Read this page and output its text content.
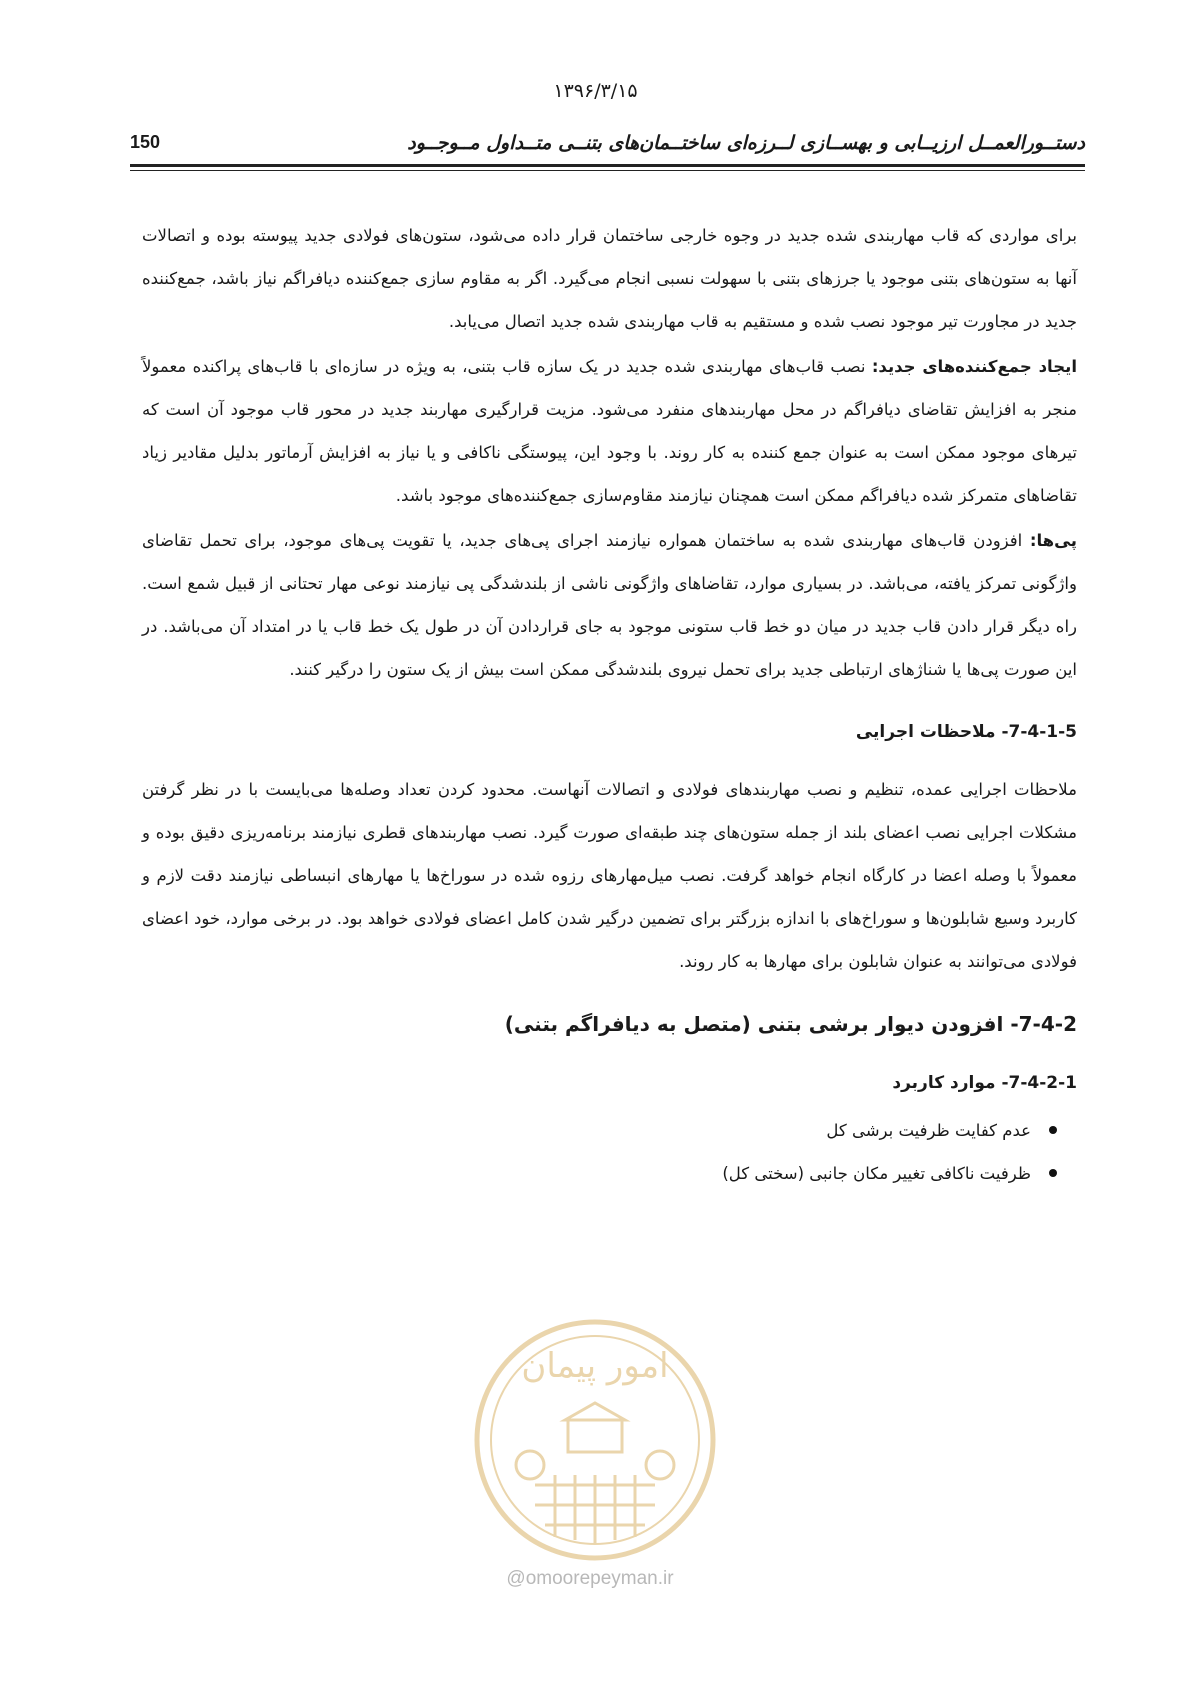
۱۳۹۶/۳/۱۵
دستــورالعمــل ارزیــابی و بهســازی لــرزه‌ای ساختــمان‌های بتنــی متــداول مــوجــود
150

برای مواردی که قاب مهاربندی شده جدید در وجوه خارجی ساختمان قرار داده می‌شود، ستون‌های فولادی جدید پیوسته بوده و اتصالات آنها به ستون‌های بتنی موجود یا جرزهای بتنی با سهولت نسبی انجام می‌گیرد. اگر به مقاوم سازی جمع‌کننده دیافراگم نیاز باشد، جمع‌کننده جدید در مجاورت تیر موجود نصب شده و مستقیم به قاب مهاربندی شده جدید اتصال می‌یابد.

ایجاد جمع‌کننده‌های جدید: نصب قاب‌های مهاربندی شده جدید در یک سازه قاب بتنی، به ویژه در سازه‌ای با قاب‌های پراکنده معمولاً منجر به افزایش تقاضای دیافراگم در محل مهاربندهای منفرد می‌شود. مزیت قرارگیری مهاربند جدید در محور قاب موجود آن است که تیرهای موجود ممکن است به عنوان جمع کننده به کار روند. با وجود این، پیوستگی ناکافی و یا نیاز به افزایش آرماتور بدلیل مقادیر زیاد تقاضاهای متمرکز شده دیافراگم ممکن است همچنان نیازمند مقاوم‌سازی جمع‌کننده‌های موجود باشد.

پی‌ها: افزودن قاب‌های مهاربندی شده به ساختمان همواره نیازمند اجرای پی‌های جدید، یا تقویت پی‌های موجود، برای تحمل تقاضای واژگونی تمرکز یافته، می‌باشد. در بسیاری موارد، تقاضاهای واژگونی ناشی از بلندشدگی پی نیازمند نوعی مهار تحتانی از قبیل شمع است. راه دیگر قرار دادن قاب جدید در میان دو خط قاب ستونی موجود به جای قراردادن آن در طول یک خط قاب یا در امتداد آن می‌باشد. در این صورت پی‌ها یا شناژهای ارتباطی جدید برای تحمل نیروی بلندشدگی ممکن است بیش از یک ستون را درگیر کنند.

7-4-1-5- ملاحظات اجرایی

ملاحظات اجرایی عمده، تنظیم و نصب مهاربندهای فولادی و اتصالات آنهاست. محدود کردن تعداد وصله‌ها می‌بایست با در نظر گرفتن مشکلات اجرایی نصب اعضای بلند از جمله ستون‌های چند طبقه‌ای صورت گیرد. نصب مهاربندهای قطری نیازمند برنامه‌ریزی دقیق بوده و معمولاً با وصله اعضا در کارگاه انجام خواهد گرفت. نصب میل‌مهارهای رزوه شده در سوراخ‌ها یا مهارهای انبساطی نیازمند دقت لازم و کاربرد وسیع شابلون‌ها و سوراخ‌های با اندازه بزرگتر برای تضمین درگیر شدن کامل اعضای فولادی خواهد بود. در برخی موارد، خود اعضای فولادی می‌توانند به عنوان شابلون برای مهارها به کار روند.

7-4-2- افزودن دیوار برشی بتنی (متصل به دیافراگم بتنی)
7-4-2-1- موارد کاربرد
عدم کفایت ظرفیت برشی کل
ظرفیت ناکافی تغییر مکان جانبی (سختی کل)
امور پیمان
@omoorepeyman.ir
